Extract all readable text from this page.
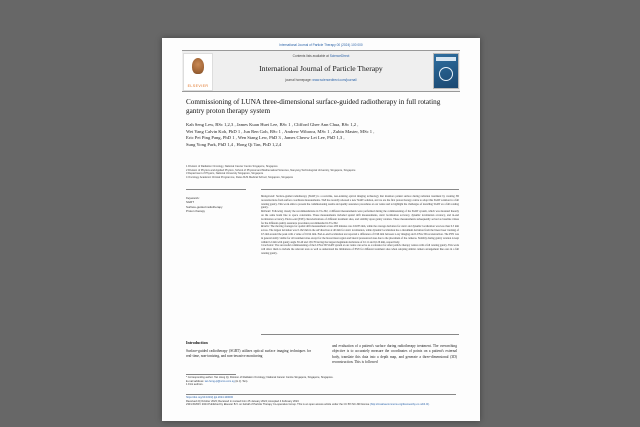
International Journal of Particle Therapy 00 (2024) 100 000
ELSEVIER
Contents lists available at ScienceDirect
International Journal of Particle Therapy
journal homepage: www.sciencedirect.com/journal/
Commissioning of LUNA three-dimensional surface-guided radiotherapy in full rotating gantry proton therapy system
Kah Seng Lew, BSc 1,2,3 , James Kuan Huei Lee, BSc 1 , Clifford Ghee Ann Chua, BSc 1,2 ,
Wei Yang Calvin Koh, PhD 1 , Jun Ren Goh, BSc 1 , Andrew Wibawa, MSc 1 , Zubin Master, MSc 1 ,
Eric Pei Ping Pang, PhD 1 , Wen Siang Lew, PhD 3 , James Cheow Lei Lee, PhD 1,3 ,
Sung Yong Park, PhD 1,4 , Hong Qi Tan, PhD 1,2,4
1 Division of Radiation Oncology, National Cancer Centre Singapore, Singapore
2 Division of Physics and Applied Physics, School of Physical and Mathematical Sciences, Nanyang Technological University, Singapore, Singapore
3 Department of Physics, National University Singapore, Singapore
4 Oncology Academic Clinical Programme, Duke-NUS Medical School, Singapore, Singapore
Keywords:
SGRT
Surface-guided radiotherapy
Proton therapy
Background: Surface-guided radiotherapy (SGRT) is a real-time, non-ionizing optical imaging technology that monitors patient surface during radiation treatment by creating 3D reconstructions from surface coordinate measurements. TAP has recently released a new SGRT solution, and we are the first proton therapy centre to adopt this SGRT solution in a full rotating gantry. This work aims to present the commissioning results and quality assurance procedures at our centre and to highlight the challenges of installing SGRT on a full rotating gantry.
Methods: Following closely the recommendations in TG-302, 4 different measurements were performed during the commissioning of the SGRT system, which was mounted linearly on the same beam line to space constraints. These measurements included spatial drift measurements, static localization accuracy, dynamic localization accuracy, and in-end localization accuracy. End-to-end (E2E) characterizations of different treatment sites, and stability upon gantry rotation. These measurements subsequently served as baseline values for the different quality assurance procedures recommended in TG-302.
Results: The moving averages for spatial drift measurement across 200 minutes was 0.0233 mm, while the average deviation for static and dynamic localization was less than 0.5 mm across. The largest deviation was 0.162 mm in the AP direction at 40 mm for static localization, while dynamic localization has a maximum deviation from the linear laser tracking of 0.5 mm around the peak with a value of 0.014 mm. End-to-end localization test reported a difference of 0.96 mm between x-ray imaging and LUNA 3D reconstruction. The PSN was in general stably visible for all treatment sites except for the breast inner region and lateral pronounced axes due to the placement of the cameras. Stability during gantry rotation is kept within 0.2 mm with gantry angle 30-40 and 150-70 having the largest magnitude deviations of 0.111 and 0.126 mm, respectively.
Conclusion: The successful commissioning of the LUNA 3D SGRT system at our centre can serve as a reference for other particle therapy centres with a full rotating gantry. This work will allow them to include the relevant tests as well as understand the limitations of PSN for different treatment sites when adopting similar camera arrangement like ours in a full rotating gantry.
Introduction
Surface-guided radiotherapy (SGRT) utilizes optical surface imaging techniques for real-time, non-ionizing, and non-invasive monitoring
and evaluation of a patient's surface during radiotherapy treatment. The overarching objective is to accurately measure the coordinates of points on a patient's external body, translate this data into a depth map, and generate a three-dimensional (3D) reconstruction. This is followed
* Corresponding author. Tan Hong Qi, Division of Radiation Oncology, National Cancer Centre Singapore, Singapore, Singapore.
E-mail address: tan.hong.qi@nccs.com.sg (H.Q. Tan).
1 First authors.
https://doi.org/10.1016/j.ijpt.2024.100000
Received 20 October 2023; Received in revised form 25 January 2024; Accepted 4 February 2024
2331-5180/© 2024 Published by Elsevier B.V. on behalf of Particle Therapy Co-operative Group. This is an open access article under the CC BY-NC-ND license (http://creativecommons.org/licenses/by-nc-nd/4.0/).
